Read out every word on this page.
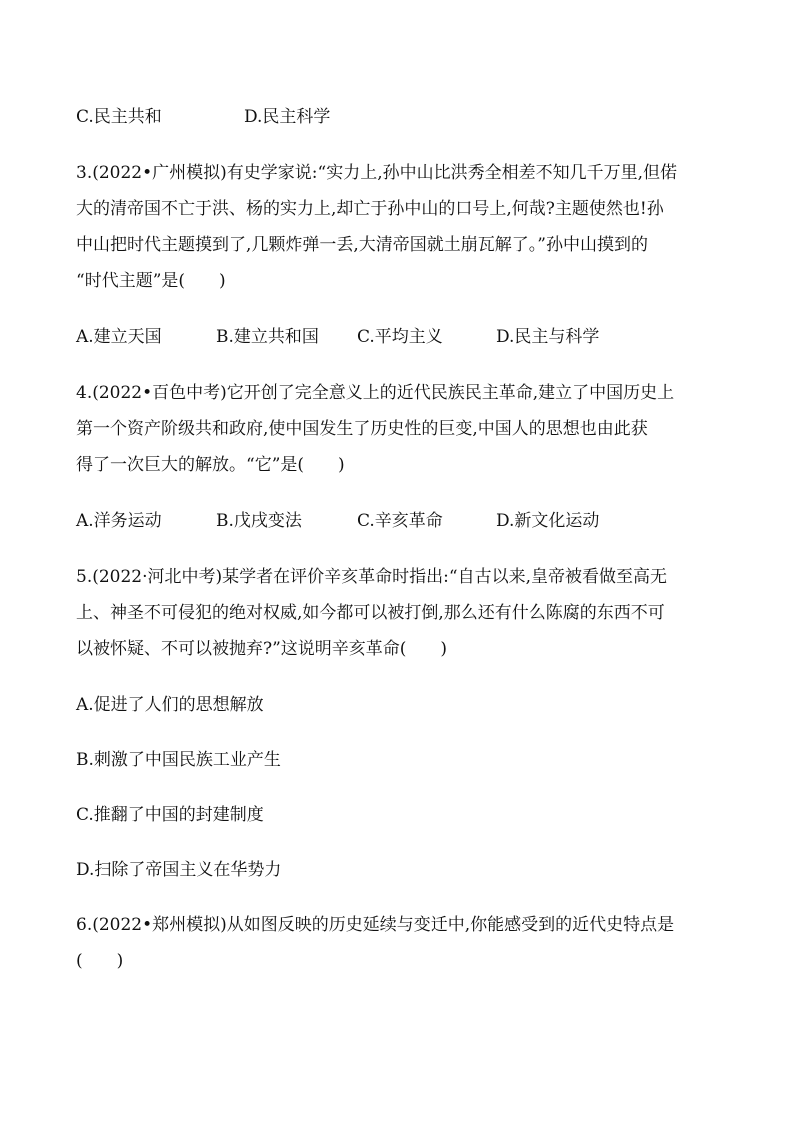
C.民主共和	D.民主科学
3.(2022•广州模拟)有史学家说:“实力上,孙中山比洪秀全相差不知几千万里,但偌
大的清帝国不亡于洪、杨的实力上,却亡于孙中山的口号上,何哉?主题使然也!孙
中山把时代主题摸到了,几颗炸弹一丢,大清帝国就土崩瓦解了。”孙中山摸到的
“时代主题”是(　　)
A.建立天国	B.建立共和国 C.平均主义	D.民主与科学
4.(2022•百色中考)它开创了完全意义上的近代民族民主革命,建立了中国历史上
第一个资产阶级共和政府,使中国发生了历史性的巨变,中国人的思想也由此获
得了一次巨大的解放。“它”是(　　)
A.洋务运动	B.戊戌变法	C.辛亥革命	D.新文化运动
5.(2022·河北中考)某学者在评价辛亥革命时指出:“自古以来,皇帝被看做至高无
上、神圣不可侵犯的绝对权威,如今都可以被打倒,那么还有什么陈腐的东西不可
以被怀疑、不可以被抛弃?”这说明辛亥革命(　　)
A.促进了人们的思想解放
B.刺激了中国民族工业产生
C.推翻了中国的封建制度
D.扫除了帝国主义在华势力
6.(2022•郑州模拟)从如图反映的历史延续与变迁中,你能感受到的近代史特点是
(　　)
